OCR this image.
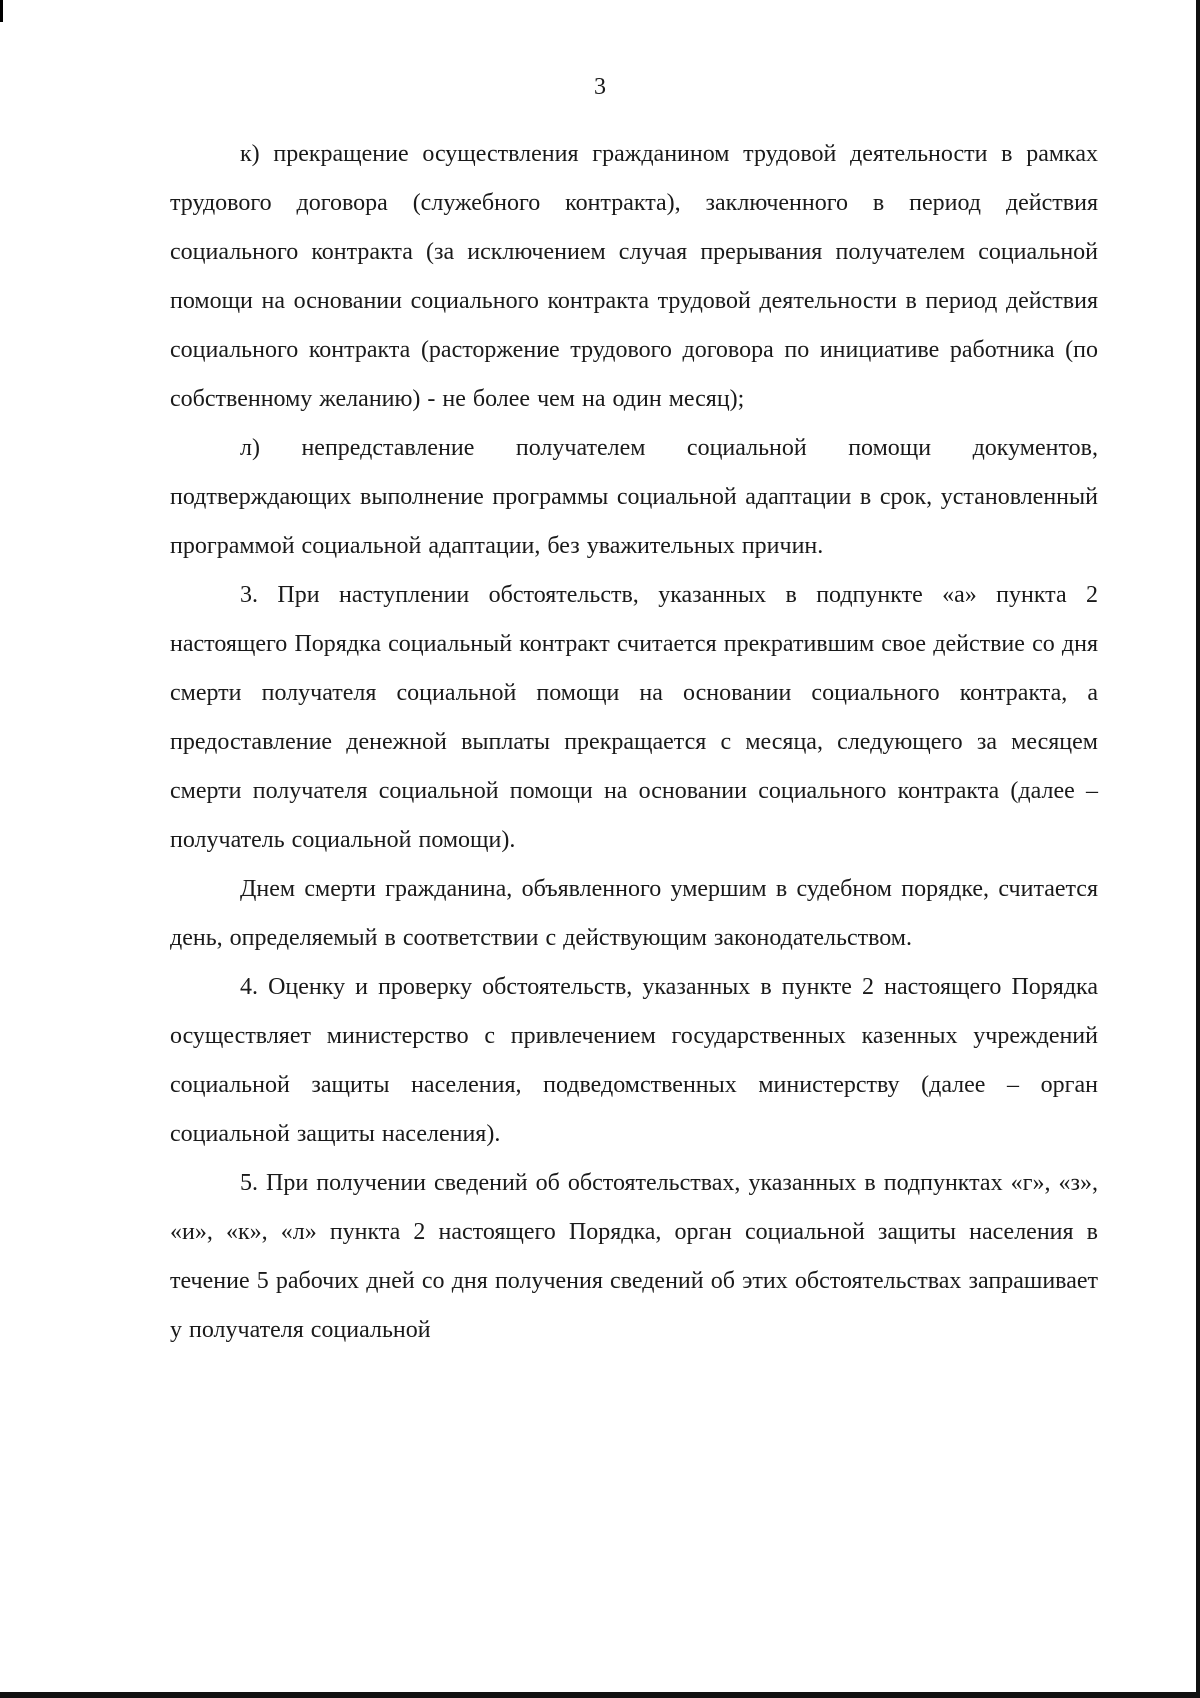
3

к) прекращение осуществления гражданином трудовой деятельности в рамках трудового договора (служебного контракта), заключенного в период действия социального контракта (за исключением случая прерывания получателем социальной помощи на основании социального контракта трудовой деятельности в период действия социального контракта (расторжение трудового договора по инициативе работника (по собственному желанию) - не более чем на один месяц);

л) непредставление получателем социальной помощи документов, подтверждающих выполнение программы социальной адаптации в срок, установленный программой социальной адаптации, без уважительных причин.

3. При наступлении обстоятельств, указанных в подпункте «а» пункта 2 настоящего Порядка социальный контракт считается прекратившим свое действие со дня смерти получателя социальной помощи на основании социального контракта, а предоставление денежной выплаты прекращается с месяца, следующего за месяцем смерти получателя социальной помощи на основании социального контракта (далее – получатель социальной помощи).

Днем смерти гражданина, объявленного умершим в судебном порядке, считается день, определяемый в соответствии с действующим законодательством.

4. Оценку и проверку обстоятельств, указанных в пункте 2 настоящего Порядка осуществляет министерство с привлечением государственных казенных учреждений социальной защиты населения, подведомственных министерству (далее – орган социальной защиты населения).

5. При получении сведений об обстоятельствах, указанных в подпунктах «г», «з», «и», «к», «л» пункта 2 настоящего Порядка, орган социальной защиты населения в течение 5 рабочих дней со дня получения сведений об этих обстоятельствах запрашивает у получателя социальной
